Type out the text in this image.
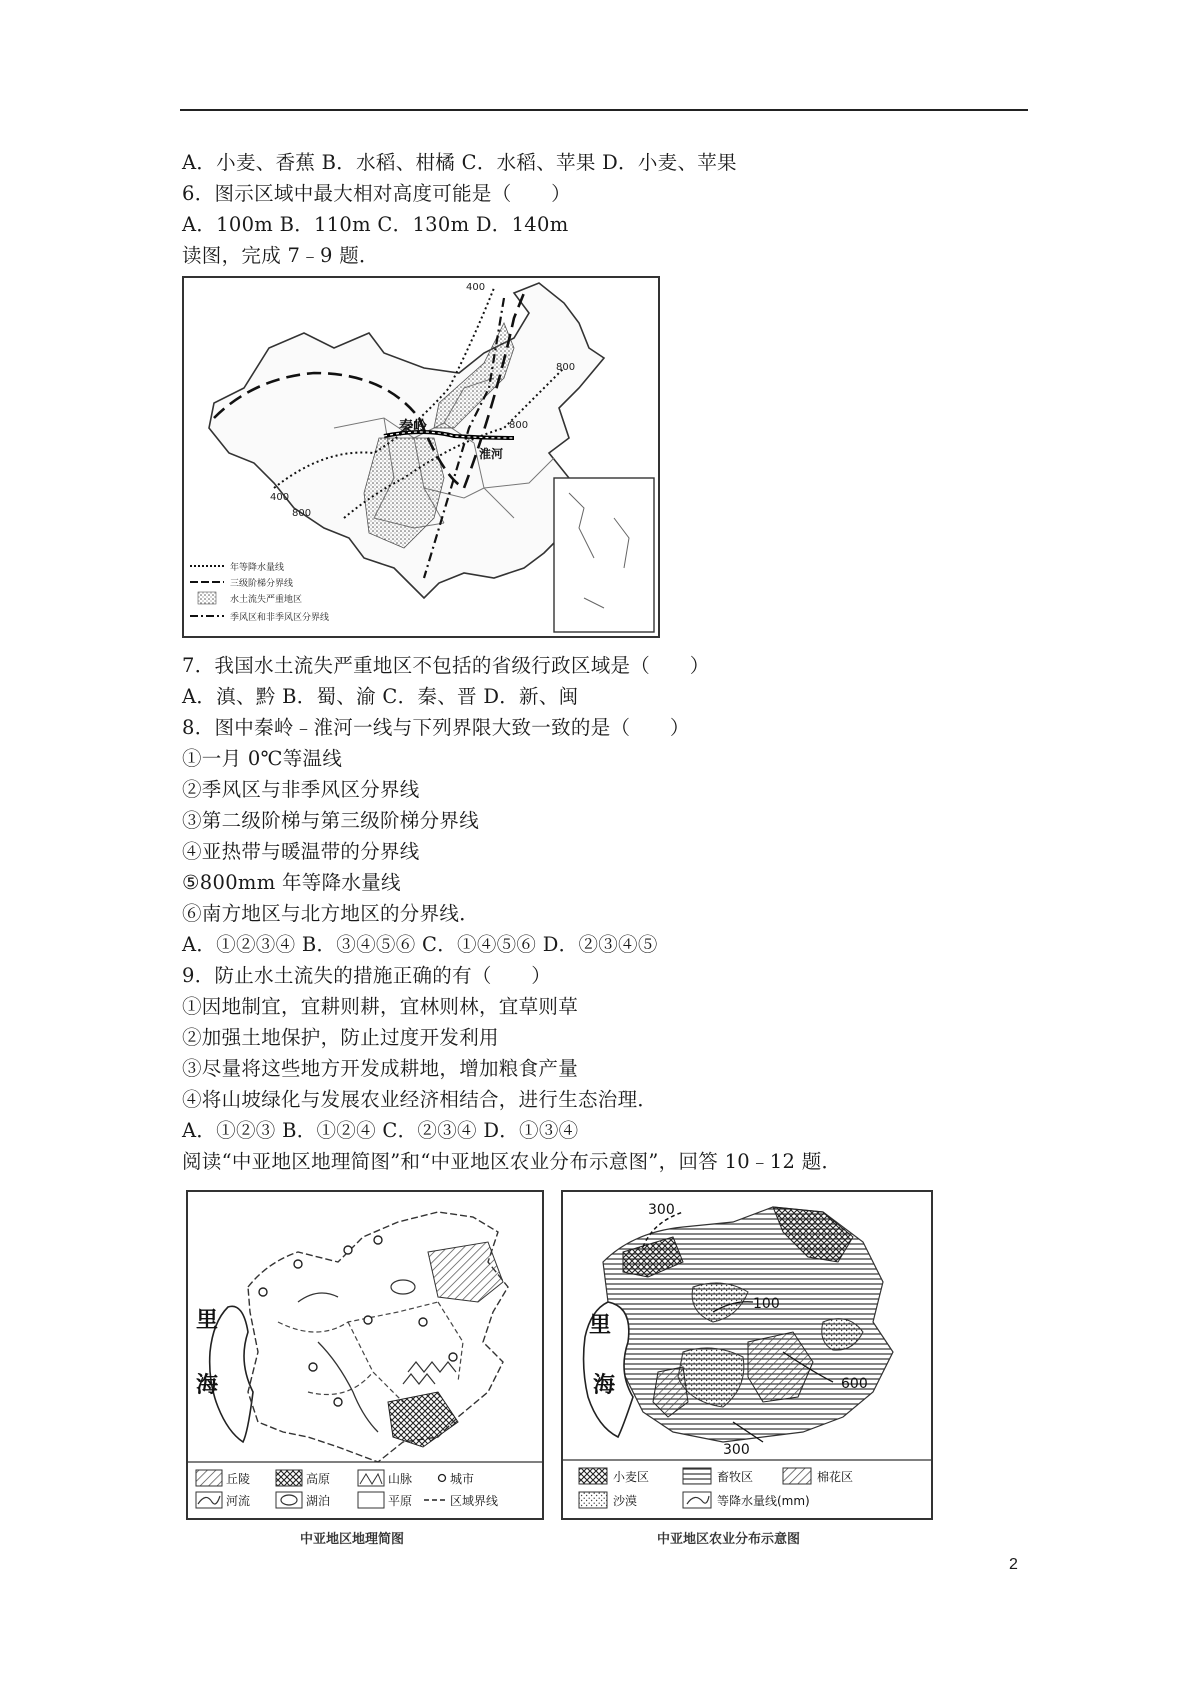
A．小麦、香蕉 B．水稻、柑橘 C．水稻、苹果 D．小麦、苹果
6．图示区域中最大相对高度可能是（　　）
A．100m B．110m C．130m D．140m
读图，完成 7﹣9 题．
400
800
800
400
800
秦岭
淮河
年等降水量线
三级阶梯分界线
水土流失严重地区
季风区和非季风区分界线
7．我国水土流失严重地区不包括的省级行政区域是（　　）
A．滇、黔 B．蜀、渝 C．秦、晋 D．新、闽
8．图中秦岭﹣淮河一线与下列界限大致一致的是（　　）
①一月 0℃等温线
②季风区与非季风区分界线
③第二级阶梯与第三级阶梯分界线
④亚热带与暖温带的分界线
⑤800mm 年等降水量线
⑥南方地区与北方地区的分界线．
A．①②③④ B．③④⑤⑥ C．①④⑤⑥ D．②③④⑤
9．防止水土流失的措施正确的有（　　）
①因地制宜，宜耕则耕，宜林则林，宜草则草
②加强土地保护，防止过度开发利用
③尽量将这些地方开发成耕地，增加粮食产量
④将山坡绿化与发展农业经济相结合，进行生态治理．
A．①②③ B．①②④ C．②③④ D．①③④
阅读“中亚地区地理简图”和“中亚地区农业分布示意图”，回答 10﹣12 题．
里
海
丘陵	高原	山脉	城市
河流	湖泊	平原	区域界线
中亚地区地理简图
300
100
600
300
里
海
小麦区	畜牧区	棉花区
沙漠	等降水量线(mm)
中亚地区农业分布示意图
2
